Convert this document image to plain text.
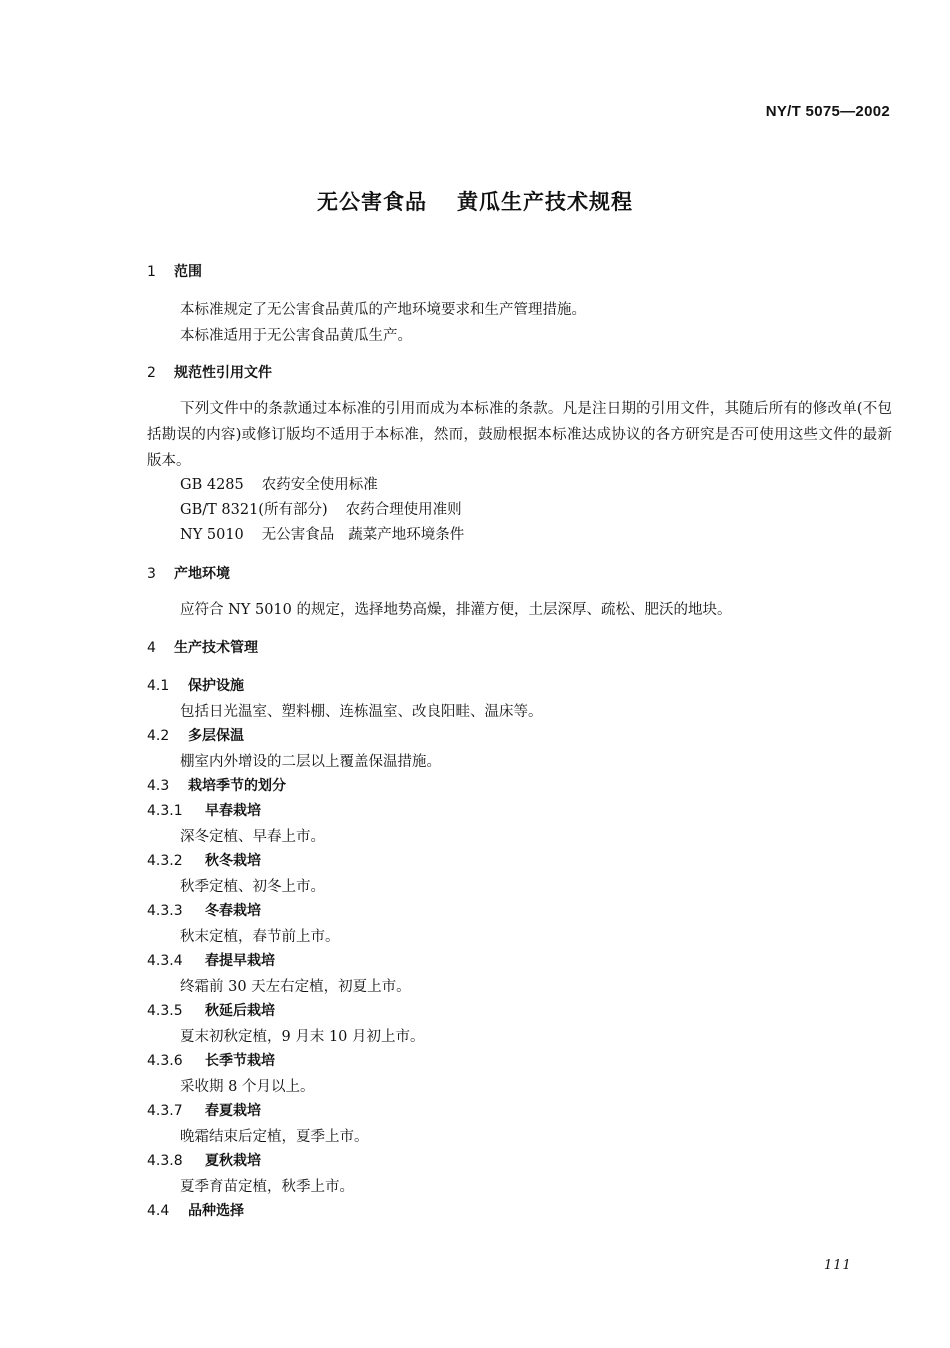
NY/T 5075—2002
无公害食品 黄瓜生产技术规程
1 范围
本标准规定了无公害食品黄瓜的产地环境要求和生产管理措施。
本标准适用于无公害食品黄瓜生产。
2 规范性引用文件
下列文件中的条款通过本标准的引用而成为本标准的条款。凡是注日期的引用文件，其随后所有的修改单(不包括勘误的内容)或修订版均不适用于本标准，然而，鼓励根据本标准达成协议的各方研究是否可使用这些文件的最新版本。
GB 4285 农药安全使用标准
GB/T 8321(所有部分) 农药合理使用准则
NY 5010 无公害食品 蔬菜产地环境条件
3 产地环境
应符合 NY 5010 的规定，选择地势高燥，排灌方便，土层深厚、疏松、肥沃的地块。
4 生产技术管理
4.1 保护设施
包括日光温室、塑料棚、连栋温室、改良阳畦、温床等。
4.2 多层保温
棚室内外增设的二层以上覆盖保温措施。
4.3 栽培季节的划分
4.3.1 早春栽培
深冬定植、早春上市。
4.3.2 秋冬栽培
秋季定植、初冬上市。
4.3.3 冬春栽培
秋末定植，春节前上市。
4.3.4 春提早栽培
终霜前 30 天左右定植，初夏上市。
4.3.5 秋延后栽培
夏末初秋定植，9 月末 10 月初上市。
4.3.6 长季节栽培
采收期 8 个月以上。
4.3.7 春夏栽培
晚霜结束后定植，夏季上市。
4.3.8 夏秋栽培
夏季育苗定植，秋季上市。
4.4 品种选择
111
